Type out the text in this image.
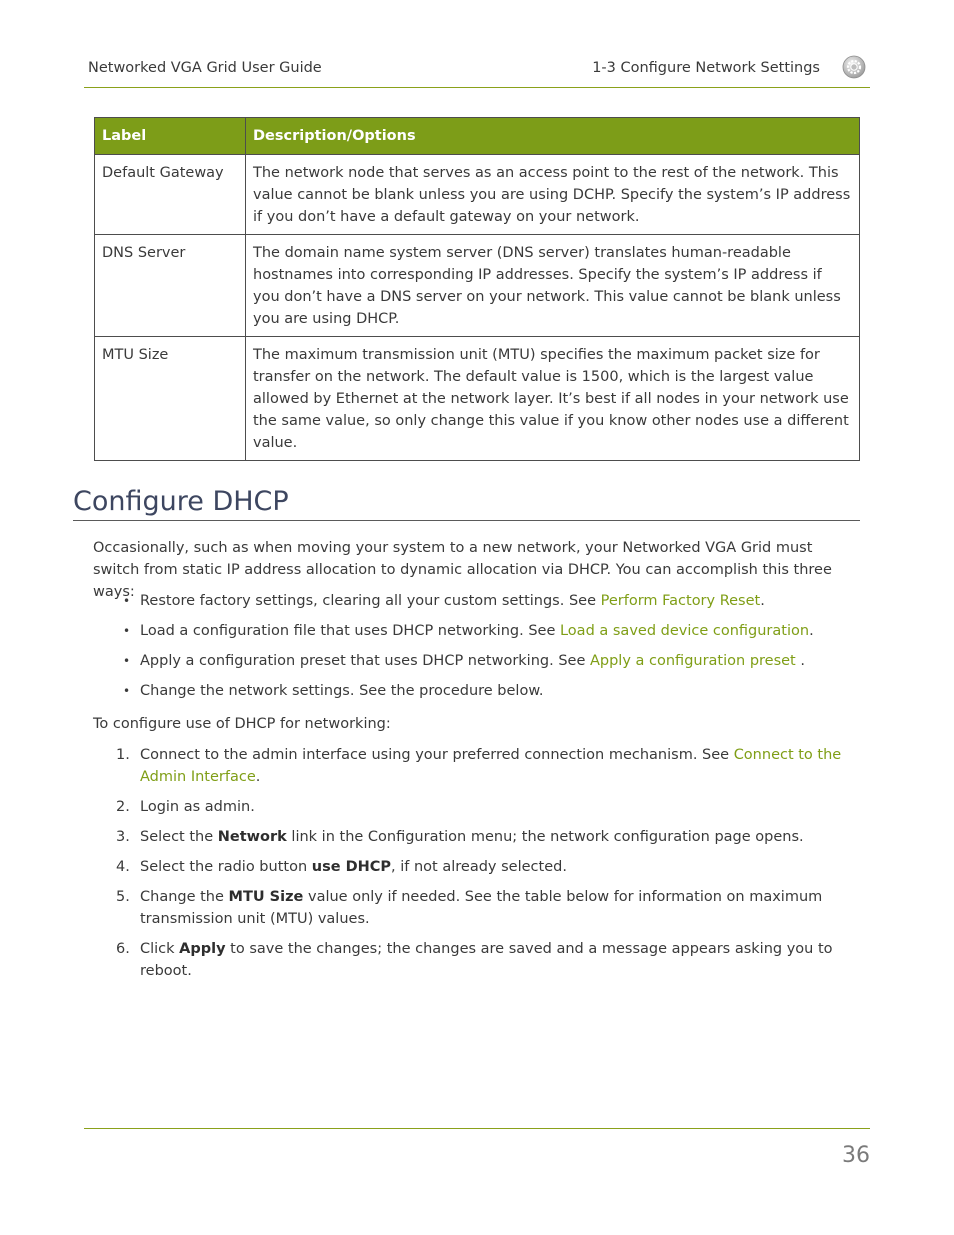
Networked VGA Grid User Guide	1-3 Configure Network Settings
Label	Description/Options
Default Gateway	The network node that serves as an access point to the rest of the network. This value cannot be blank unless you are using DCHP. Specify the system’s IP address if you don’t have a default gateway on your network.
DNS Server	The domain name system server (DNS server) translates human-readable hostnames into corresponding IP addresses. Specify the system’s IP address if you don’t have a DNS server on your network. This value cannot be blank unless you are using DHCP.
MTU Size	The maximum transmission unit (MTU) specifies the maximum packet size for transfer on the network. The default value is 1500, which is the largest value allowed by Ethernet at the network layer. It’s best if all nodes in your network use the same value, so only change this value if you know other nodes use a different value.
Configure DHCP
Occasionally, such as when moving your system to a new network, your Networked VGA Grid must switch from static IP address allocation to dynamic allocation via DHCP. You can accomplish this three ways:
• Restore factory settings, clearing all your custom settings. See Perform Factory Reset.
• Load a configuration file that uses DHCP networking. See Load a saved device configuration.
• Apply a configuration preset that uses DHCP networking. See Apply a configuration preset .
• Change the network settings. See the procedure below.
To configure use of DHCP for networking:
1. Connect to the admin interface using your preferred connection mechanism. See Connect to the Admin Interface.
2. Login as admin.
3. Select the Network link in the Configuration menu; the network configuration page opens.
4. Select the radio button use DHCP, if not already selected.
5. Change the MTU Size value only if needed. See the table below for information on maximum transmission unit (MTU) values.
6. Click Apply to save the changes; the changes are saved and a message appears asking you to reboot.
36
